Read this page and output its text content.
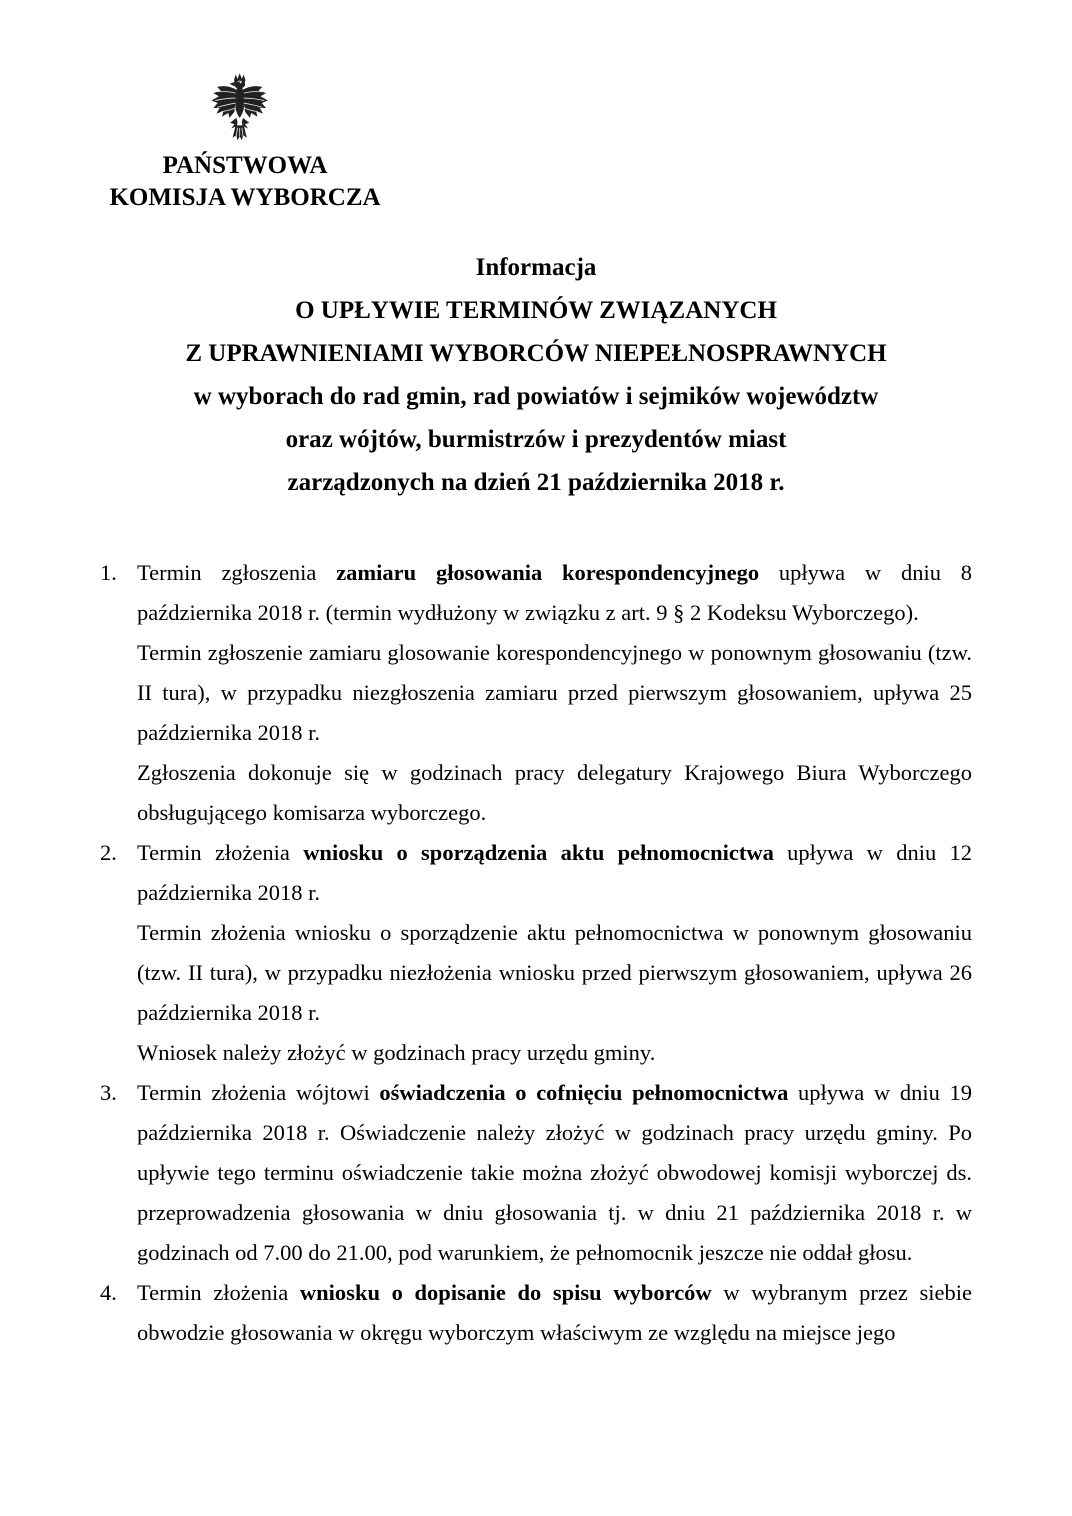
PAŃSTWOWA
KOMISJA WYBORCZA
Informacja
O UPŁYWIE TERMINÓW ZWIĄZANYCH
Z UPRAWNIENIAMI WYBORCÓW NIEPEŁNOSPRAWNYCH
w wyborach do rad gmin, rad powiatów i sejmików województw
oraz wójtów, burmistrzów i prezydentów miast
zarządzonych na dzień 21 października 2018 r.
1. Termin zgłoszenia zamiaru głosowania korespondencyjnego upływa w dniu 8 października 2018 r. (termin wydłużony w związku z art. 9 § 2 Kodeksu Wyborczego).

Termin zgłoszenie zamiaru glosowanie korespondencyjnego w ponownym głosowaniu (tzw. II tura), w przypadku niezgłoszenia zamiaru przed pierwszym głosowaniem, upływa 25 października 2018 r.

Zgłoszenia dokonuje się w godzinach pracy delegatury Krajowego Biura Wyborczego obsługującego komisarza wyborczego.

2. Termin złożenia wniosku o sporządzenia aktu pełnomocnictwa upływa w dniu 12 października 2018 r.

Termin złożenia wniosku o sporządzenie aktu pełnomocnictwa w ponownym głosowaniu (tzw. II tura), w przypadku niezłożenia wniosku przed pierwszym głosowaniem, upływa 26 października 2018 r.

Wniosek należy złożyć w godzinach pracy urzędu gminy.

3. Termin złożenia wójtowi oświadczenia o cofnięciu pełnomocnictwa upływa w dniu 19 października 2018 r. Oświadczenie należy złożyć w godzinach pracy urzędu gminy. Po upływie tego terminu oświadczenie takie można złożyć obwodowej komisji wyborczej ds. przeprowadzenia głosowania w dniu głosowania tj. w dniu 21 października 2018 r. w godzinach od 7.00 do 21.00, pod warunkiem, że pełnomocnik jeszcze nie oddał głosu.

4. Termin złożenia wniosku o dopisanie do spisu wyborców w wybranym przez siebie obwodzie głosowania w okręgu wyborczym właściwym ze względu na miejsce jego
